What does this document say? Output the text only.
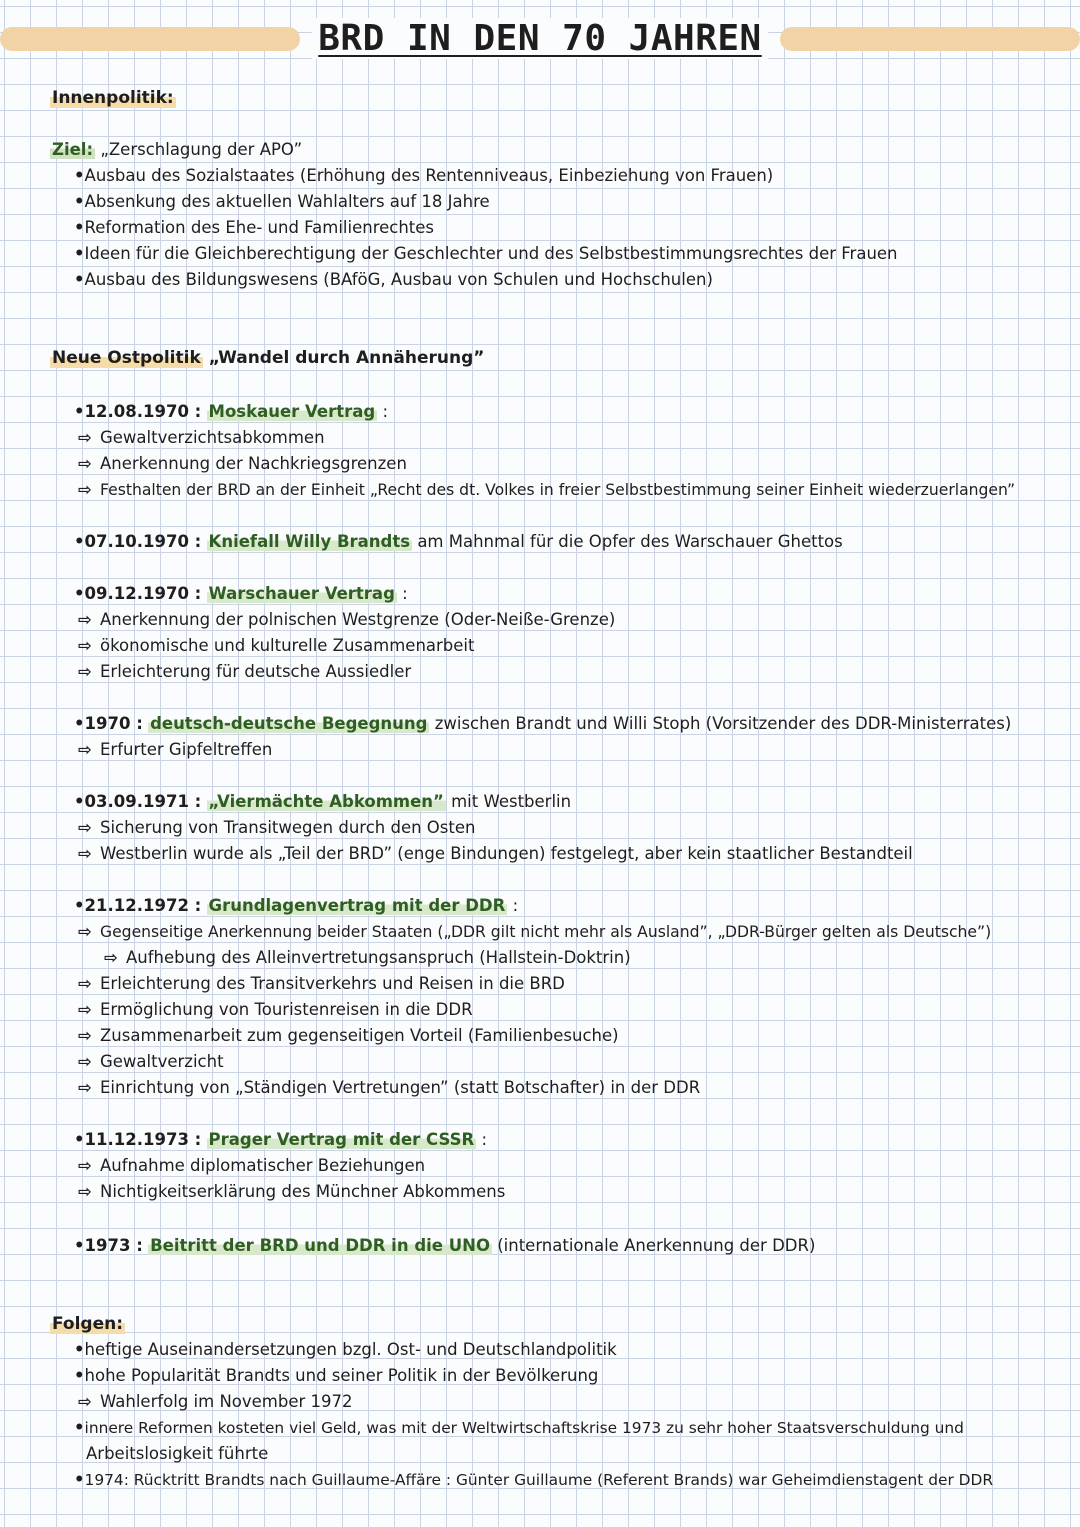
BRD IN DEN 70 JAHREN
Innenpolitik:
Ziel: „Zerschlagung der APO”
•Ausbau des Sozialstaates (Erhöhung des Rentenniveaus, Einbeziehung von Frauen)
•Absenkung des aktuellen Wahlalters auf 18 Jahre
•Reformation des Ehe- und Familienrechtes
•Ideen für die Gleichberechtigung der Geschlechter und des Selbstbestimmungsrechtes der Frauen
•Ausbau des Bildungswesens (BAföG, Ausbau von Schulen und Hochschulen)
Neue Ostpolitik „Wandel durch Annäherung”
•12.08.1970 : Moskauer Vertrag :
⇨ Gewaltverzichtsabkommen
⇨ Anerkennung der Nachkriegsgrenzen
⇨ Festhalten der BRD an der Einheit „Recht des dt. Volkes in freier Selbstbestimmung seiner Einheit wiederzuerlangen”
•07.10.1970 : Kniefall Willy Brandts am Mahnmal für die Opfer des Warschauer Ghettos
•09.12.1970 : Warschauer Vertrag :
⇨ Anerkennung der polnischen Westgrenze (Oder-Neiße-Grenze)
⇨ ökonomische und kulturelle Zusammenarbeit
⇨ Erleichterung für deutsche Aussiedler
•1970 : deutsch-deutsche Begegnung zwischen Brandt und Willi Stoph (Vorsitzender des DDR-Ministerrates)
⇨ Erfurter Gipfeltreffen
•03.09.1971 : „Viermächte Abkommen” mit Westberlin
⇨ Sicherung von Transitwegen durch den Osten
⇨ Westberlin wurde als „Teil der BRD” (enge Bindungen) festgelegt, aber kein staatlicher Bestandteil
•21.12.1972 : Grundlagenvertrag mit der DDR :
⇨ Gegenseitige Anerkennung beider Staaten („DDR gilt nicht mehr als Ausland”, „DDR-Bürger gelten als Deutsche”)
⇨ Aufhebung des Alleinvertretungsanspruch (Hallstein-Doktrin)
⇨ Erleichterung des Transitverkehrs und Reisen in die BRD
⇨ Ermöglichung von Touristenreisen in die DDR
⇨ Zusammenarbeit zum gegenseitigen Vorteil (Familienbesuche)
⇨ Gewaltverzicht
⇨ Einrichtung von „Ständigen Vertretungen” (statt Botschafter) in der DDR
•11.12.1973 : Prager Vertrag mit der CSSR :
⇨ Aufnahme diplomatischer Beziehungen
⇨ Nichtigkeitserklärung des Münchner Abkommens
•1973 : Beitritt der BRD und DDR in die UNO (internationale Anerkennung der DDR)
Folgen:
•heftige Auseinandersetzungen bzgl. Ost- und Deutschlandpolitik
•hohe Popularität Brandts und seiner Politik in der Bevölkerung
⇨ Wahlerfolg im November 1972
•innere Reformen kosteten viel Geld, was mit der Weltwirtschaftskrise 1973 zu sehr hoher Staatsverschuldung und
Arbeitslosigkeit führte
•1974: Rücktritt Brandts nach Guillaume-Affäre : Günter Guillaume (Referent Brands) war Geheimdienstagent der DDR
